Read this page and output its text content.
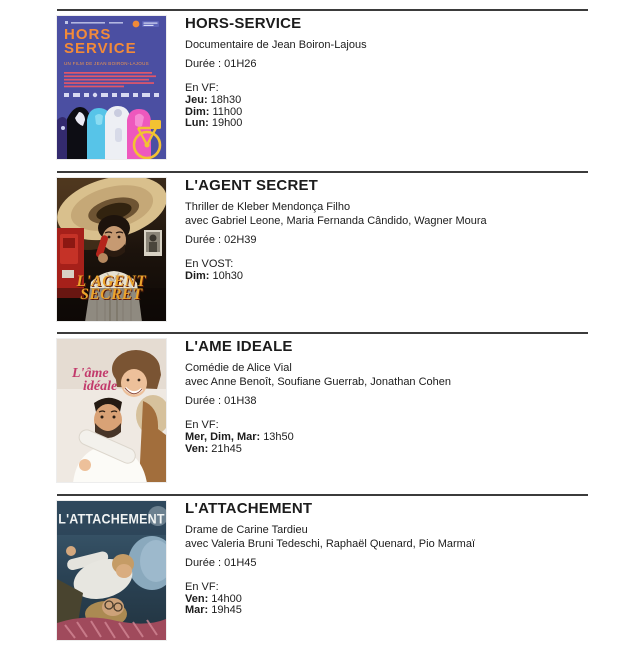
HORS
SERVICE
UN FILM DE JEAN BOIRON-LAJOUS
HORS-SERVICE
Documentaire de Jean Boiron-Lajous

Durée : 01H26

En VF:

Jeu: 18h30

Dim: 11h00

Lun: 19h00

L'AGENT
SECRET
L'AGENT SECRET
Thriller de Kleber Mendonça Filho
avec Gabriel Leone, Maria Fernanda Cândido, Wagner Moura

Durée : 02H39

En VOST:

Dim: 10h30

L'âme
idéale
L'AME IDEALE
Comédie de Alice Vial
avec Anne Benoît, Soufiane Guerrab, Jonathan Cohen

Durée : 01H38

En VF:

Mer, Dim, Mar: 13h50

Ven: 21h45

L'ATTACHEMENT
L'ATTACHEMENT
Drame de Carine Tardieu
avec Valeria Bruni Tedeschi, Raphaël Quenard, Pio Marmaï

Durée : 01H45

En VF:

Ven: 14h00

Mar: 19h45
